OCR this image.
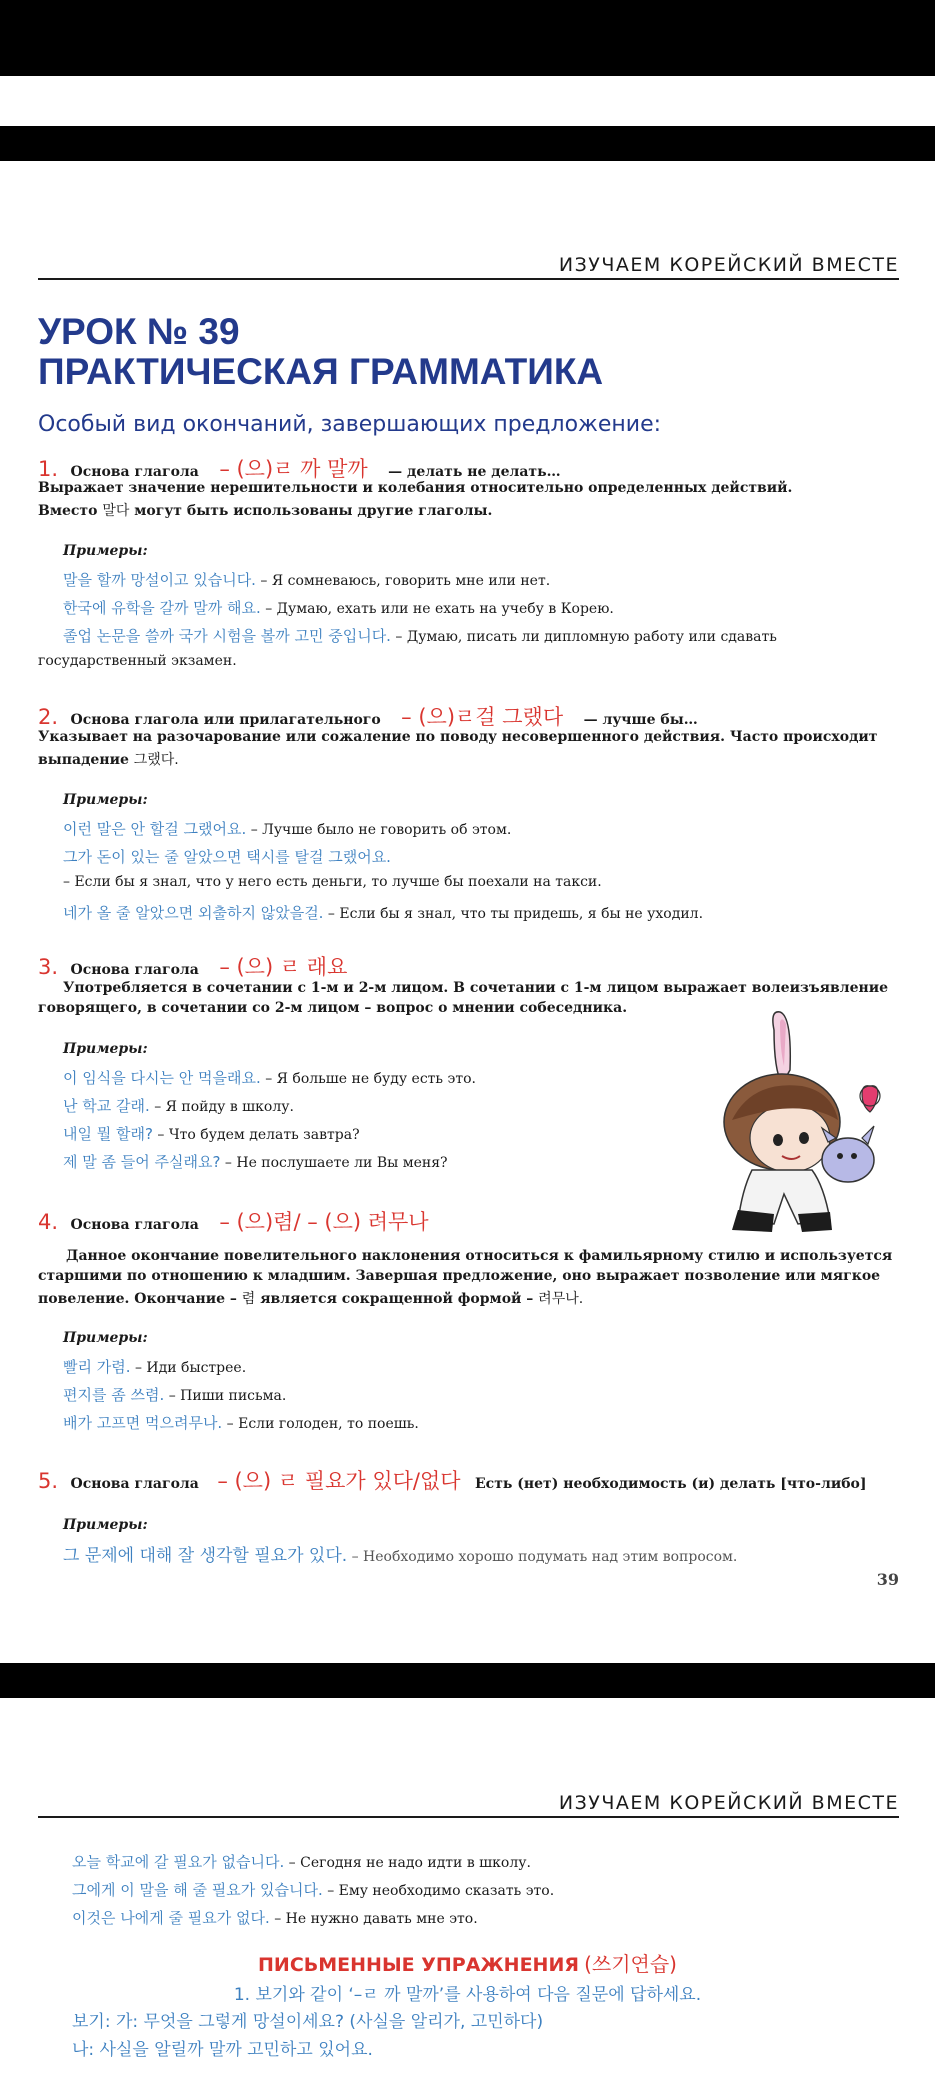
ИЗУЧАЕМ КОРЕЙСКИЙ ВМЕСТЕ
УРОК № 39
ПРАКТИЧЕСКАЯ ГРАММАТИКА
Особый вид окончаний, завершающих предложение:
1. Основа глагола – (으)ㄹ 까 말까 — делать не делать…
Выражает значение нерешительности и колебания относительно определенных действий.
Вместо 말다 могут быть использованы другие глаголы.
Примеры:
말을 할까 망설이고 있습니다. – Я сомневаюсь, говорить мне или нет.
한국에 유학을 갈까 말까 해요. – Думаю, ехать или не ехать на учебу в Корею.
졸업 논문을 쓸까 국가 시험을 볼까 고민 중입니다. – Думаю, писать ли дипломную работу или сдавать
государственный экзамен.
2. Основа глагола или прилагательного – (으)ㄹ걸 그랬다 — лучше бы…
Указывает на разочарование или сожаление по поводу несовершенного действия. Часто происходит
выпадение 그랬다.
Примеры:
이런 말은 안 할걸 그랬어요. – Лучше было не говорить об этом.
그가 돈이 있는 줄 알았으면 택시를 탈걸 그랬어요.
– Если бы я знал, что у него есть деньги, то лучше бы поехали на такси.
네가 올 줄 알았으면 외출하지 않았을걸. – Если бы я знал, что ты придешь, я бы не уходил.
3. Основа глагола – (으) ㄹ 래요
Употребляется в сочетании с 1-м и 2-м лицом. В сочетании с 1-м лицом выражает волеизъявление
говорящего, в сочетании со 2-м лицом – вопрос о мнении собеседника.
Примеры:
이 임식을 다시는 안 먹을래요. – Я больше не буду есть это.
난 학교 갈래. – Я пойду в школу.
내일 뭘 할래? – Что будем делать завтра?
제 말 좀 들어 주실래요? – Не послушаете ли Вы меня?
4. Основа глагола – (으)렴/ – (으) 려무나
Данное окончание повелительного наклонения относиться к фамильярному стилю и используется
старшими по отношению к младшим. Завершая предложение, оно выражает позволение или мягкое
повеление. Окончание – 렴 является сокращенной формой – 려무나.
Примеры:
빨리 가렴. – Иди быстрее.
편지를 좀 쓰렴. – Пиши письма.
배가 고프면 먹으려무나. – Если голоден, то поешь.
5. Основа глагола – (으) ㄹ 필요가 있다/없다 Есть (нет) необходимость (и) делать [что-либо]
Примеры:
그 문제에 대해 잘 생각할 필요가 있다. – Необходимо хорошо подумать над этим вопросом.
39
ИЗУЧАЕМ КОРЕЙСКИЙ ВМЕСТЕ
오늘 학교에 갈 필요가 없습니다. – Сегодня не надо идти в школу.
그에게 이 말을 해 줄 필요가 있습니다. – Ему необходимо сказать это.
이것은 나에게 줄 필요가 없다. – Не нужно давать мне это.
ПИСЬМЕННЫЕ УПРАЖНЕНИЯ (쓰기연습)
1. 보기와 같이 ‘–ㄹ 까 말까’를 사용하여 다음 질문에 답하세요.
보기: 가: 무엇을 그렇게 망설이세요? (사실을 알리가, 고민하다)
나: 사실을 알릴까 말까 고민하고 있어요.
